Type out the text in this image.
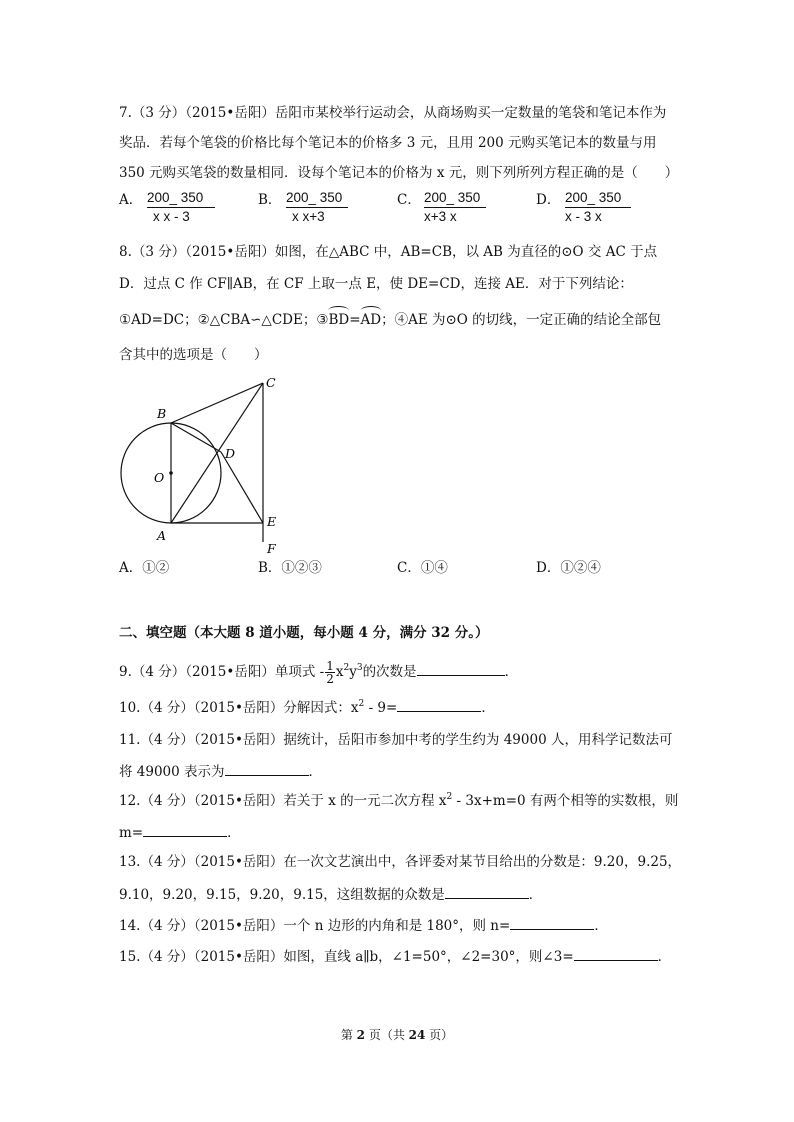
7.（3 分）（2015•岳阳）岳阳市某校举行运动会，从商场购买一定数量的笔袋和笔记本作为
奖品．若每个笔袋的价格比每个笔记本的价格多 3 元，且用 200 元购买笔记本的数量与用
350 元购买笔袋的数量相同．设每个笔记本的价格为 x 元，则下列所列方程正确的是（　　）
A． 200_ 350
x x - 3
B． 200_ 350
x x+3
C． 200_ 350
x+3 x
D． 200_ 350
x - 3 x
8.（3 分）（2015•岳阳）如图，在△ABC 中，AB=CB，以 AB 为直径的⊙O 交 AC 于点
D．过点 C 作 CF∥AB，在 CF 上取一点 E，使 DE=CD，连接 AE．对于下列结论：
①AD=DC；②△CBA∽△CDE；③BD=AD；④AE 为⊙O 的切线，一定正确的结论全部包
含其中的选项是（　　）
B
C
D
O
A
E
F
A．①②	B．①②③	C．①④	D．①②④
二、填空题（本大题 8 道小题，每小题 4 分，满分 32 分。）
9.（4 分）（2015•岳阳）单项式 - $\frac{1}{2} x^2y^3$的次数是	．
10.（4 分）（2015•岳阳）分解因式：$x^2 - 9=$	．
11.（4 分）（2015•岳阳）据统计，岳阳市参加中考的学生约为 49000 人，用科学记数法可
将 49000 表示为	．
12.（4 分）（2015•岳阳）若关于 x 的一元二次方程 $x^2 - 3x+m=0$ 有两个相等的实数根，则
m=	．
13.（4 分）（2015•岳阳）在一次文艺演出中，各评委对某节目给出的分数是：9.20，9.25，
9.10，9.20，9.15，9.20，9.15，这组数据的众数是	．
14.（4 分）（2015•岳阳）一个 n 边形的内角和是 180°，则 n=	．
15.（4 分）（2015•岳阳）如图，直线 a∥b，∠1=50°，∠2=30°，则∠3=	．
第 2 页（共 24 页）
